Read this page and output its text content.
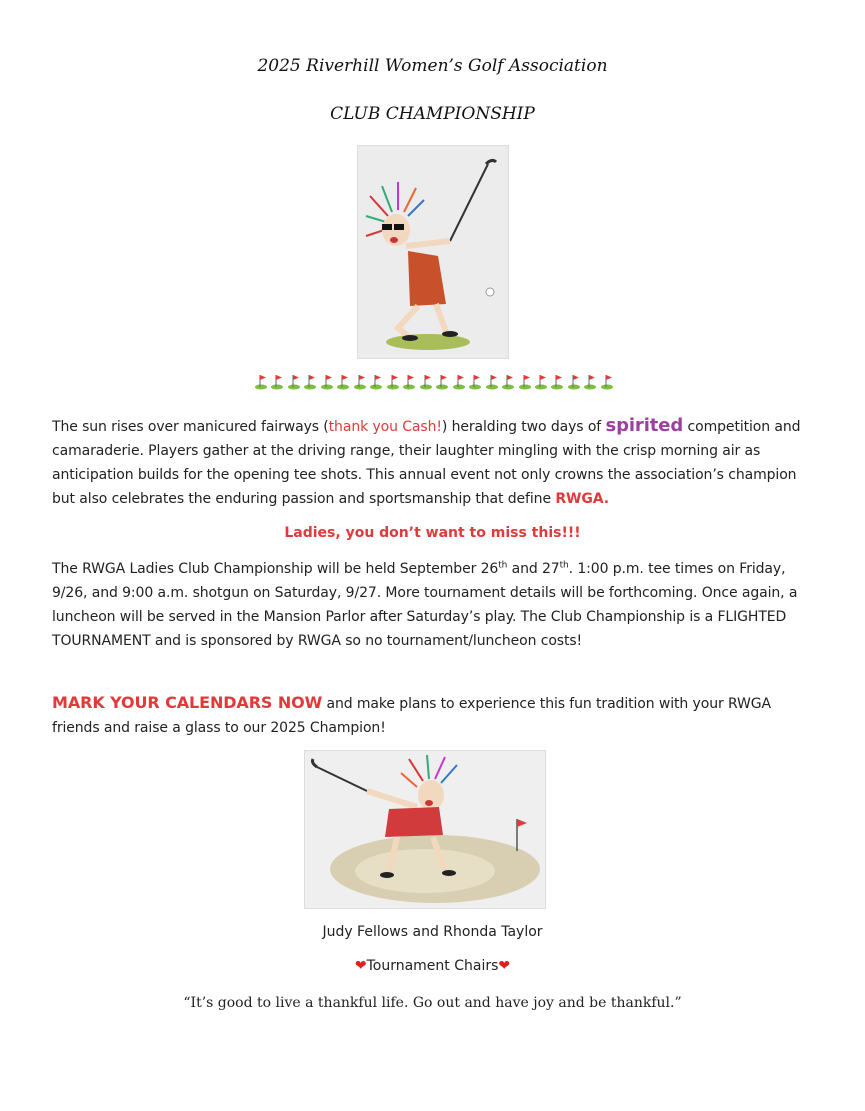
2025 Riverhill Women’s Golf Association
CLUB CHAMPIONSHIP
The sun rises over manicured fairways (thank you Cash!) heralding two days of spirited competition and camaraderie. Players gather at the driving range, their laughter mingling with the crisp morning air as anticipation builds for the opening tee shots. This annual event not only crowns the association’s champion but also celebrates the enduring passion and sportsmanship that define RWGA.
Ladies, you don’t want to miss this!!!
The RWGA Ladies Club Championship will be held September 26th and 27th. 1:00 p.m. tee times on Friday, 9/26, and 9:00 a.m. shotgun on Saturday, 9/27. More tournament details will be forthcoming. Once again, a luncheon will be served in the Mansion Parlor after Saturday’s play. The Club Championship is a FLIGHTED TOURNAMENT and is sponsored by RWGA so no tournament/luncheon costs!
MARK YOUR CALENDARS NOW and make plans to experience this fun tradition with your RWGA friends and raise a glass to our 2025 Champion!
Judy Fellows and Rhonda Taylor
❤Tournament Chairs❤
“It’s good to live a thankful life. Go out and have joy and be thankful.”
